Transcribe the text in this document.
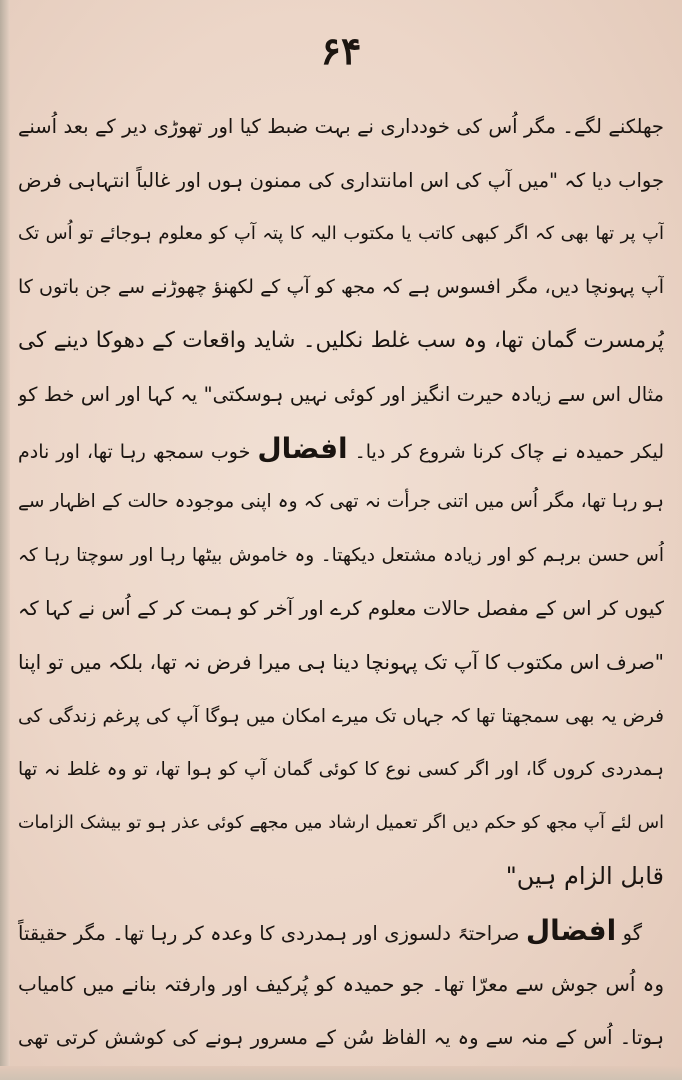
۶۴
جھلکنے لگے۔ مگر اُس کی خودداری نے بہت ضبط کیا اور تھوڑی دیر کے بعد اُسنے
جواب دیا کہ "میں آپ کی اس امانتداری کی ممنون ہوں اور غالباً انتہاہی فرض
آپ پر تھا بھی کہ اگر کبھی کاتب یا مکتوب الیہ کا پتہ آپ کو معلوم ہوجائے تو اُس تک
آپ پہونچا دیں، مگر افسوس ہے کہ مجھ کو آپ کے لکھنؤ چھوڑنے سے جن باتوں کا
پُرمسرت گمان تھا، وہ سب غلط نکلیں۔ شاید واقعات کے دھوکا دینے کی
مثال اس سے زیادہ حیرت انگیز اور کوئی نہیں ہوسکتی" یہ کہا اور اس خط کو
لیکر حمیدہ نے چاک کرنا شروع کر دیا۔ افضال خوب سمجھ رہا تھا، اور نادم
ہو رہا تھا، مگر اُس میں اتنی جرأت نہ تھی کہ وہ اپنی موجودہ حالت کے اظہار سے
اُس حسن برہم کو اور زیادہ مشتعل دیکھتا۔ وہ خاموش بیٹھا رہا اور سوچتا رہا کہ
کیوں کر اس کے مفصل حالات معلوم کرے اور آخر کو ہمت کر کے اُس نے کہا کہ
"صرف اس مکتوب کا آپ تک پہونچا دینا ہی میرا فرض نہ تھا، بلکہ میں تو اپنا
فرض یہ بھی سمجھتا تھا کہ جہاں تک میرے امکان میں ہوگا آپ کی پرغم زندگی کی
ہمدردی کروں گا، اور اگر کسی نوع کا کوئی گمان آپ کو ہوا تھا، تو وہ غلط نہ تھا
اس لئے آپ مجھ کو حکم دیں اگر تعمیل ارشاد میں مجھے کوئی عذر ہو تو بیشک الزامات
قابل الزام ہیں"
گو افضال صراحتہً دلسوزی اور ہمدردی کا وعدہ کر رہا تھا۔ مگر حقیقتاً
وہ اُس جوش سے معرّا تھا۔ جو حمیدہ کو پُرکیف اور وارفتہ بنانے میں کامیاب
ہوتا۔ اُس کے منہ سے وہ یہ الفاظ سُن کے مسرور ہونے کی کوشش کرتی تھی
